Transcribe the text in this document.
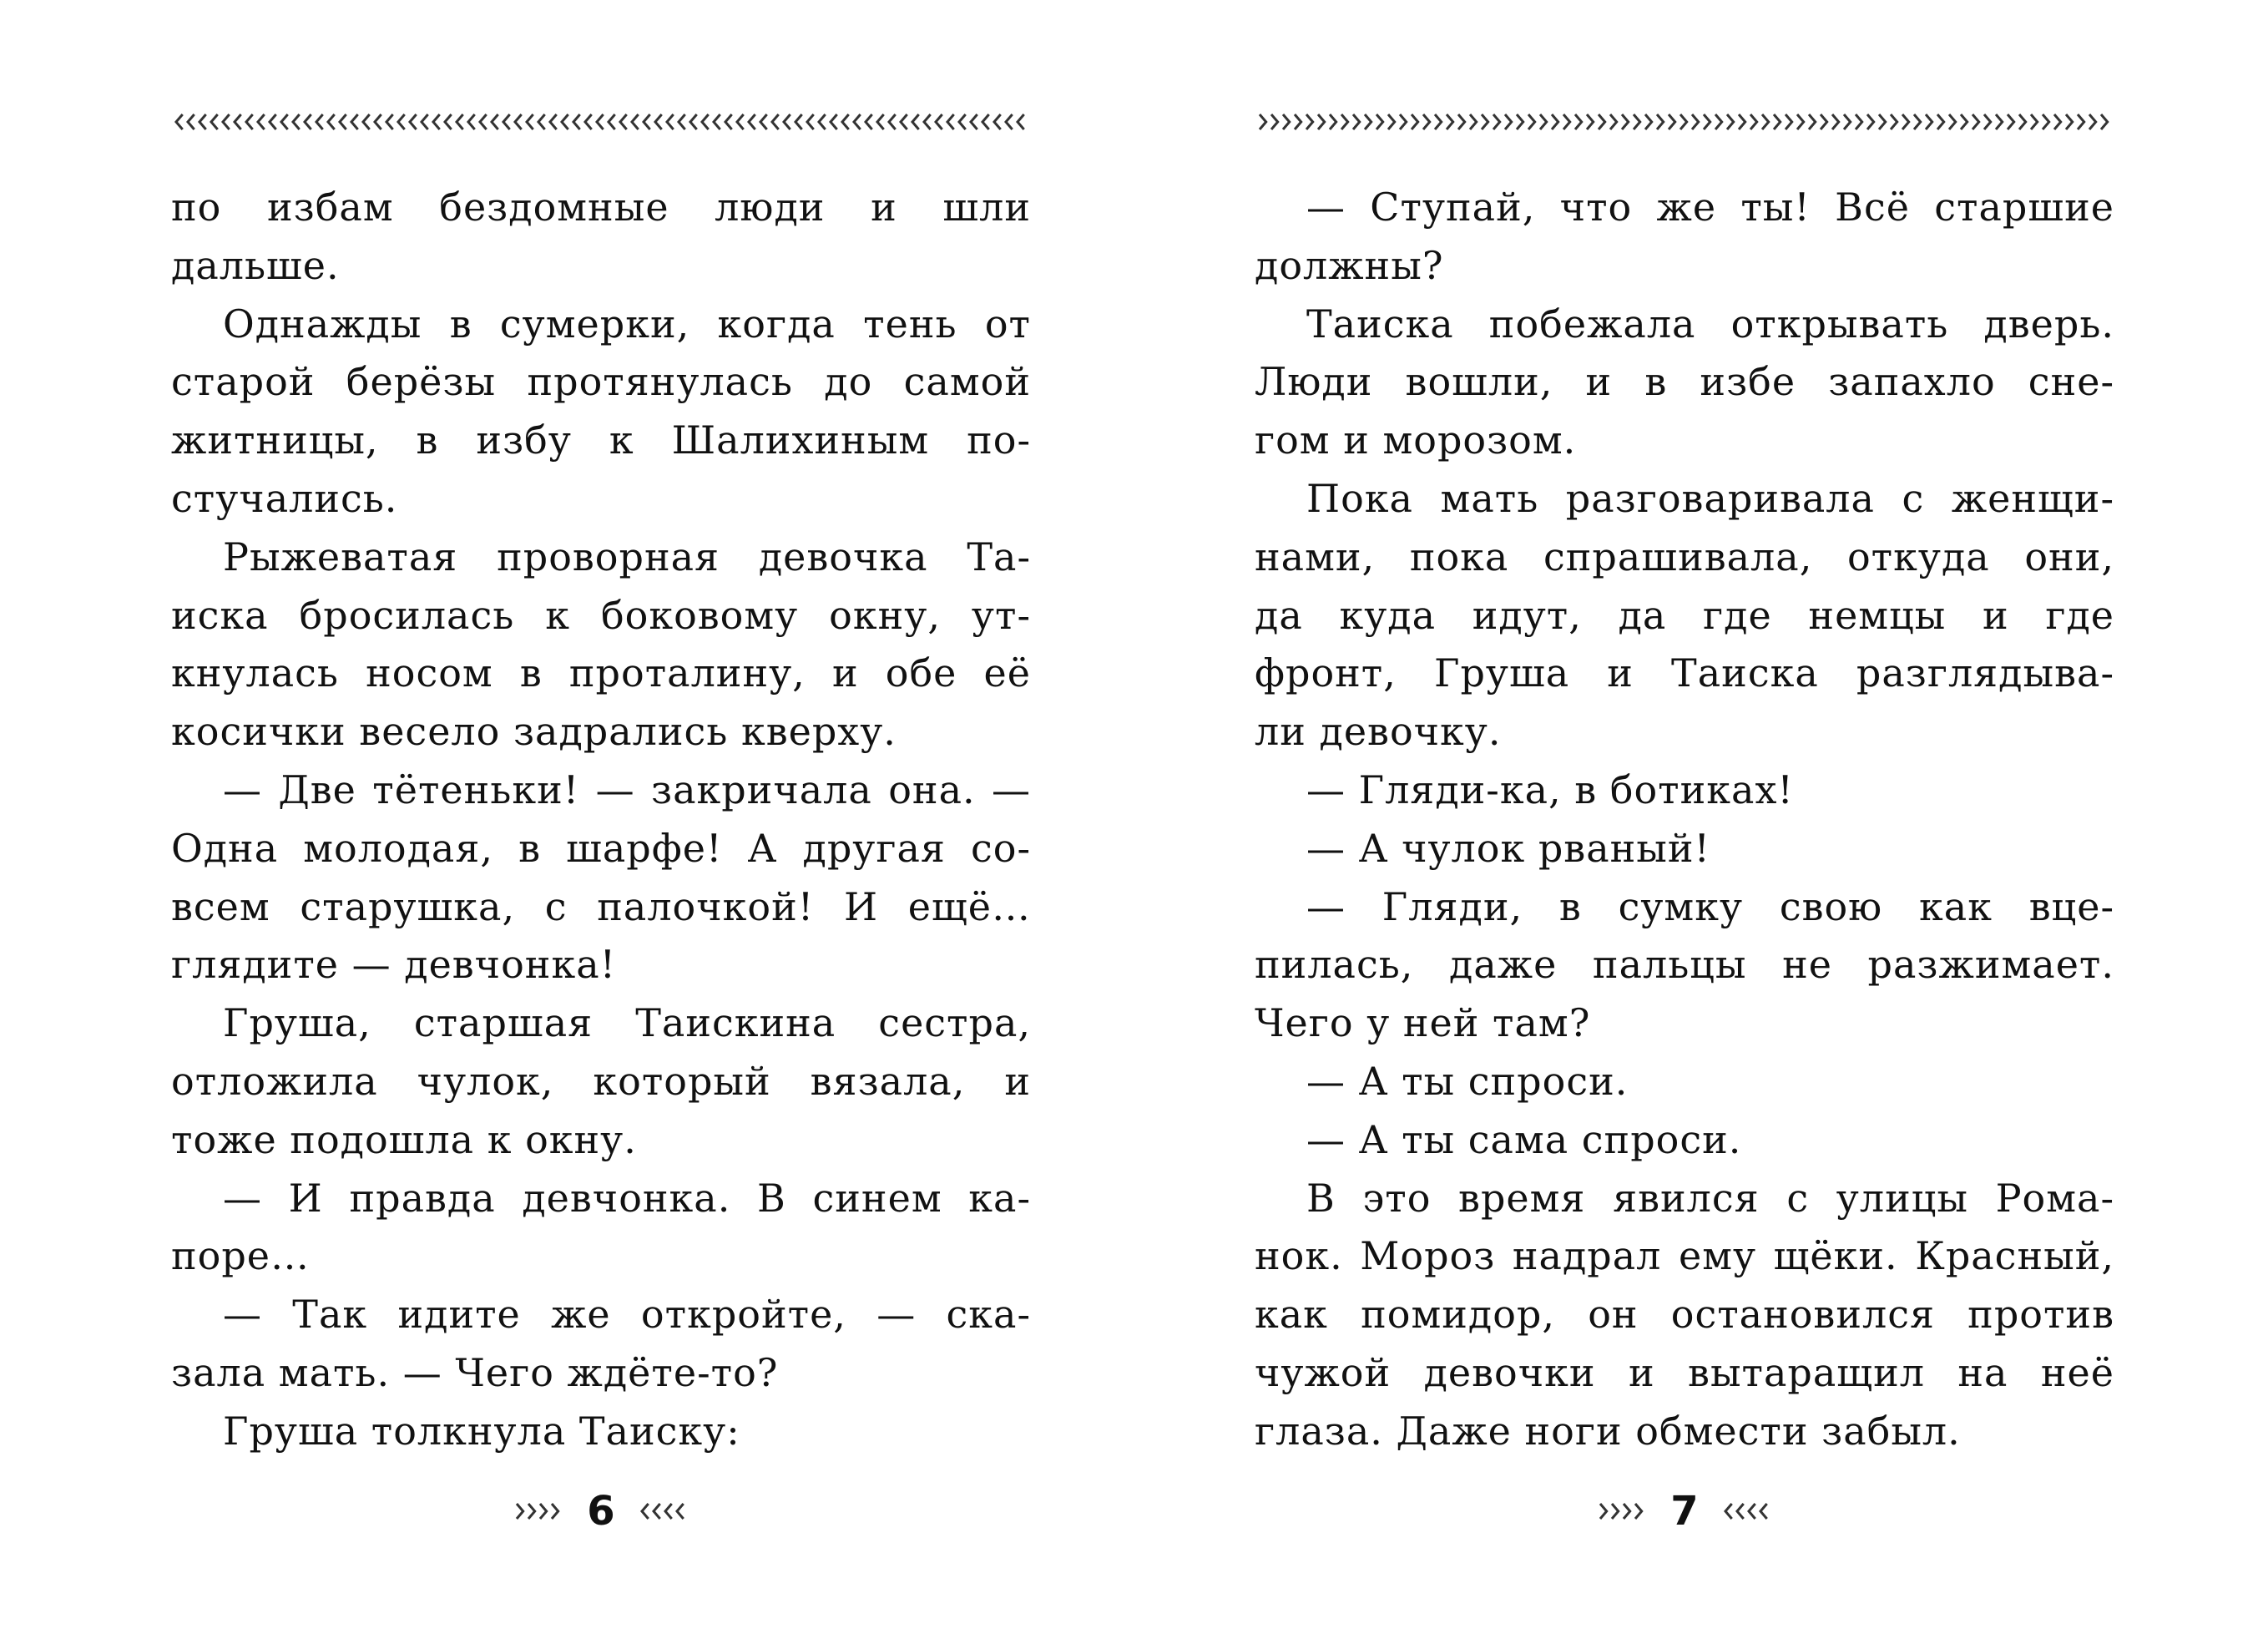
по избам бездомные люди и шли
дальше.
Однажды в сумерки, когда тень от
старой берёзы протянулась до самой
житницы, в избу к Шалихиным по-
стучались.
Рыжеватая проворная девочка Та-
иска бросилась к боковому окну, ут-
кнулась носом в проталину, и обе её
косички весело задрались кверху.
— Две тётеньки! — закричала она. —
Одна молодая, в шарфе! А другая со-
всем старушка, с палочкой! И ещё…
глядите — девчонка!
Груша, старшая Таискина сестра,
отложила чулок, который вязала, и
тоже подошла к окну.
— И правда девчонка. В синем ка-
поре…
— Так идите же откройте, — ска-
зала мать. — Чего ждёте-то?
Груша толкнула Таиску:
6
— Ступай, что же ты! Всё старшие
должны?
Таиска побежала открывать дверь.
Люди вошли, и в избе запахло сне-
гом и морозом.
Пока мать разговаривала с женщи-
нами, пока спрашивала, откуда они,
да куда идут, да где немцы и где
фронт, Груша и Таиска разглядыва-
ли девочку.
— Гляди-ка, в ботиках!
— А чулок рваный!
— Гляди, в сумку свою как вце-
пилась, даже пальцы не разжимает.
Чего у ней там?
— А ты спроси.
— А ты сама спроси.
В это время явился с улицы Рома-
нок. Мороз надрал ему щёки. Красный,
как помидор, он остановился против
чужой девочки и вытаращил на неё
глаза. Даже ноги обмести забыл.
7
